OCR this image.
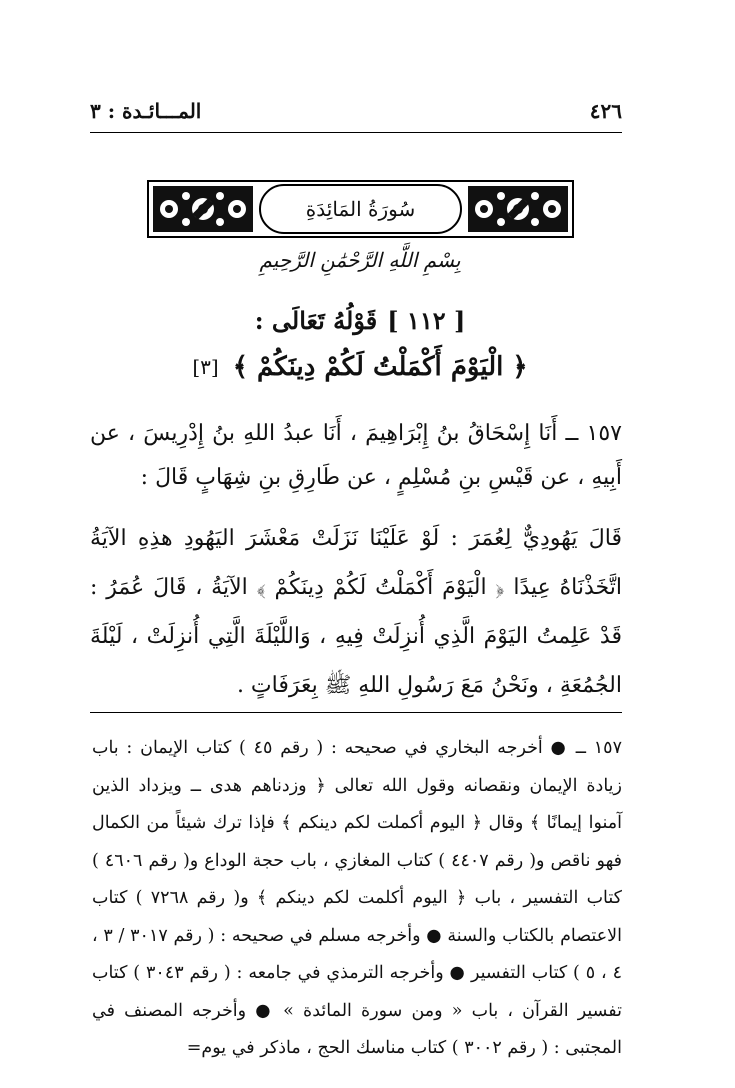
٤٢٦
المـــائـدة : ٣
سُورَةُ المَائِدَةِ
بِسْمِ اللَّهِ الرَّحْمَٰنِ الرَّحِيمِ
[ ١١٢ ]
قَوْلُهُ تَعَالَى :
﴿ الْيَوْمَ أَكْمَلْتُ لَكُمْ دِينَكُمْ ﴾
[٣]

١٥٧ ــ أَنَا إِسْحَاقُ بنُ إِبْرَاهِيمَ ، أَنَا عبدُ اللهِ بنُ إِدْرِيسَ ، عن أَبِيهِ ، عن قَيْسِ بنِ مُسْلِمٍ ، عن طَارِقِ بنِ شِهَابٍ قَالَ :

قَالَ يَهُودِيٌّ لِعُمَرَ : لَوْ عَلَيْنَا نَزَلَتْ مَعْشَرَ اليَهُودِ هذِهِ الآيَةُ اتَّخَذْنَاهُ عِيدًا ﴿ الْيَوْمَ أَكْمَلْتُ لَكُمْ دِينَكُمْ ﴾ الآيَةُ ، قَالَ عُمَرُ : قَدْ عَلِمتُ اليَوْمَ الَّذِي أُنزِلَتْ فِيهِ ، وَاللَّيْلَةَ الَّتِي أُنزِلَتْ ، لَيْلَةَ الجُمُعَةِ ، ونَحْنُ مَعَ رَسُولِ اللهِ ﷺ بِعَرَفَاتٍ .

١٥٧ ــ ● أخرجه البخاري في صحيحه : ( رقم ٤٥ ) كتاب الإيمان : باب زيادة الإيمان ونقصانه وقول الله تعالى ﴿ وزدناهم هدى ــ ويزداد الذين آمنوا إيمانًا ﴾ وقال ﴿ اليوم أكملت لكم دينكم ﴾ فإذا ترك شيئاً من الكمال فهو ناقص و( رقم ٤٤٠٧ ) كتاب المغازي ، باب حجة الوداع و( رقم ٤٦٠٦ ) كتاب التفسير ، باب ﴿ اليوم أكلمت لكم دينكم ﴾ و( رقم ٧٢٦٨ ) كتاب الاعتصام بالكتاب والسنة ● وأخرجه مسلم في صحيحه : ( رقم ٣٠١٧ / ٣ ، ٤ ، ٥ ) كتاب التفسير ● وأخرجه الترمذي في جامعه : ( رقم ٣٠٤٣ ) كتاب تفسير القرآن ، باب « ومن سورة المائدة » ● وأخرجه المصنف في المجتبى : ( رقم ٣٠٠٢ ) كتاب مناسك الحج ، ماذكر في يوم=
